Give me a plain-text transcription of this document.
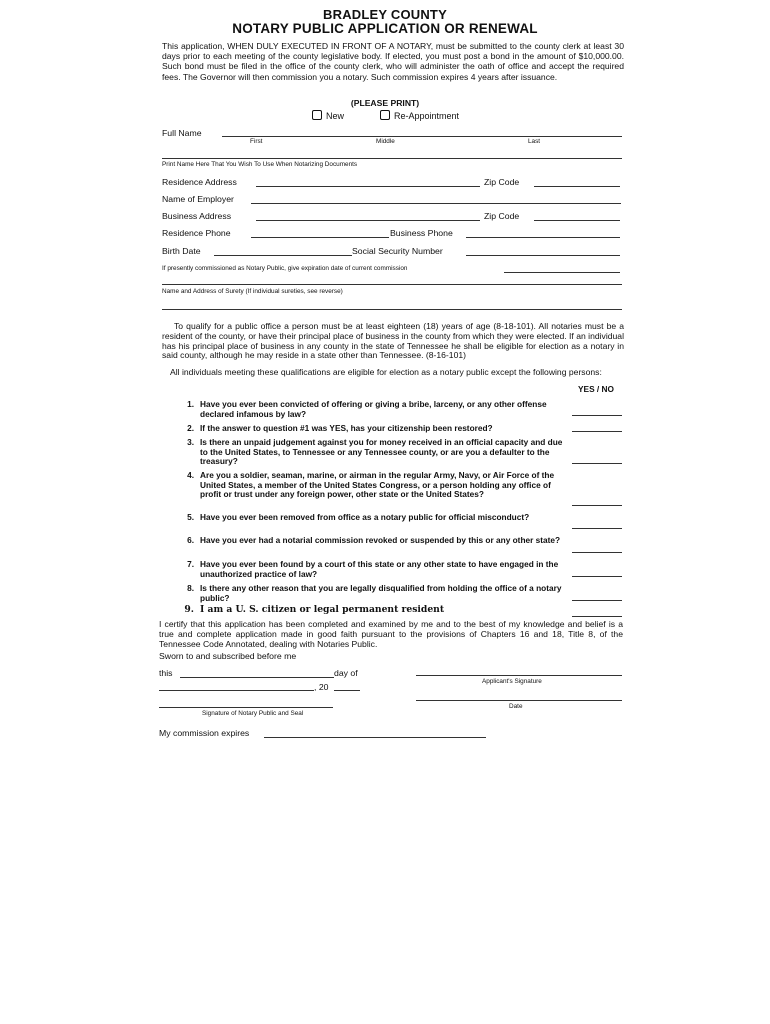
BRADLEY COUNTY
NOTARY PUBLIC APPLICATION OR RENEWAL
This application, WHEN DULY EXECUTED IN FRONT OF A NOTARY, must be submitted to the county clerk at least 30 days prior to each meeting of the county legislative body. If elected, you must post a bond in the amount of $10,000.00. Such bond must be filed in the office of the county clerk, who will administer the oath of office and accept the required fees. The Governor will then commission you a notary. Such commission expires 4 years after issuance.
(PLEASE PRINT)
New	Re-Appointment
Full Name
First	Middle	Last
Print Name Here That You Wish To Use When Notarizing Documents
Residence Address	Zip Code
Name of Employer
Business Address	Zip Code
Residence Phone	Business Phone
Birth Date	Social Security Number
If presently commissioned as Notary Public, give expiration date of current commission
Name and Address of Surety (If individual sureties, see reverse)
To qualify for a public office a person must be at least eighteen (18) years of age (8-18-101). All notaries must be a resident of the county, or have their principal place of business in the county from which they were elected. If an individual has his principal place of business in any county in the state of Tennessee he shall be eligible for election as a notary in said county, although he may reside in a state other than Tennessee. (8-16-101)
All individuals meeting these qualifications are eligible for election as a notary public except the following persons:
YES / NO
1. Have you ever been convicted of offering or giving a bribe, larceny, or any other offense declared infamous by law?
2. If the answer to question #1 was YES, has your citizenship been restored?
3. Is there an unpaid judgement against you for money received in an official capacity and due to the United States, to Tennessee or any Tennessee county, or are you a defaulter to the treasury?
4. Are you a soldier, seaman, marine, or airman in the regular Army, Navy, or Air Force of the United States, a member of the United States Congress, or a person holding any office of profit or trust under any foreign power, other state or the United States?
5. Have you ever been removed from office as a notary public for official misconduct?
6. Have you ever had a notarial commission revoked or suspended by this or any other state?
7. Have you ever been found by a court of this state or any other state to have engaged in the unauthorized practice of law?
8. Is there any other reason that you are legally disqualified from holding the office of a notary public?
9. I am a U. S. citizen or legal permanent resident
I certify that this application has been completed and examined by me and to the best of my knowledge and belief is a true and complete application made in good faith pursuant to the provisions of Chapters 16 and 18, Title 8, of the Tennessee Code Annotated, dealing with Notaries Public.
Sworn to and subscribed before me
this	day of
, 20
Applicant's Signature
Date
Signature of Notary Public and Seal
My commission expires
